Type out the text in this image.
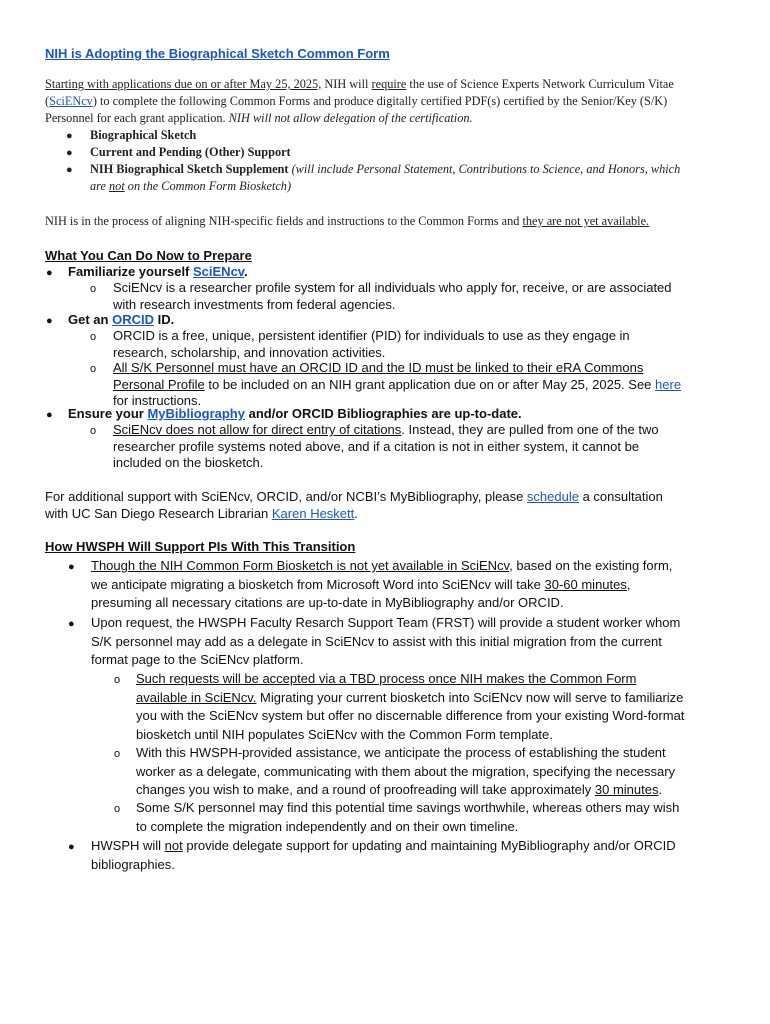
NIH is Adopting the Biographical Sketch Common Form
Starting with applications due on or after May 25, 2025, NIH will require the use of Science Experts Network Curriculum Vitae
(SciENcv) to complete the following Common Forms and produce digitally certified PDF(s) certified by the Senior/Key (S/K)
Personnel for each grant application. NIH will not allow delegation of the certification.
● Biographical Sketch
● Current and Pending (Other) Support
● NIH Biographical Sketch Supplement (will include Personal Statement, Contributions to Science, and Honors, which
are not on the Common Form Biosketch)
NIH is in the process of aligning NIH-specific fields and instructions to the Common Forms and they are not yet available.
What You Can Do Now to Prepare
● Familiarize yourself SciENcv.
o SciENcv is a researcher profile system for all individuals who apply for, receive, or are associated
with research investments from federal agencies.
● Get an ORCID ID.
o ORCID is a free, unique, persistent identifier (PID) for individuals to use as they engage in
research, scholarship, and innovation activities.
o All S/K Personnel must have an ORCID ID and the ID must be linked to their eRA Commons
Personal Profile to be included on an NIH grant application due on or after May 25, 2025. See here
for instructions.
● Ensure your MyBibliography and/or ORCID Bibliographies are up-to-date.
o SciENcv does not allow for direct entry of citations. Instead, they are pulled from one of the two
researcher profile systems noted above, and if a citation is not in either system, it cannot be
included on the biosketch.
For additional support with SciENcv, ORCID, and/or NCBI’s MyBibliography, please schedule a consultation
with UC San Diego Research Librarian Karen Heskett.
How HWSPH Will Support PIs With This Transition
● Though the NIH Common Form Biosketch is not yet available in SciENcv, based on the existing form,
we anticipate migrating a biosketch from Microsoft Word into SciENcv will take 30-60 minutes,
presuming all necessary citations are up-to-date in MyBibliography and/or ORCID.
● Upon request, the HWSPH Faculty Resarch Support Team (FRST) will provide a student worker whom
S/K personnel may add as a delegate in SciENcv to assist with this initial migration from the current
format page to the SciENcv platform.
o Such requests will be accepted via a TBD process once NIH makes the Common Form
available in SciENcv. Migrating your current biosketch into SciENcv now will serve to familiarize
you with the SciENcv system but offer no discernable difference from your existing Word-format
biosketch until NIH populates SciENcv with the Common Form template.
o With this HWSPH-provided assistance, we anticipate the process of establishing the student
worker as a delegate, communicating with them about the migration, specifying the necessary
changes you wish to make, and a round of proofreading will take approximately 30 minutes.
o Some S/K personnel may find this potential time savings worthwhile, whereas others may wish
to complete the migration independently and on their own timeline.
● HWSPH will not provide delegate support for updating and maintaining MyBibliography and/or ORCID
bibliographies.
